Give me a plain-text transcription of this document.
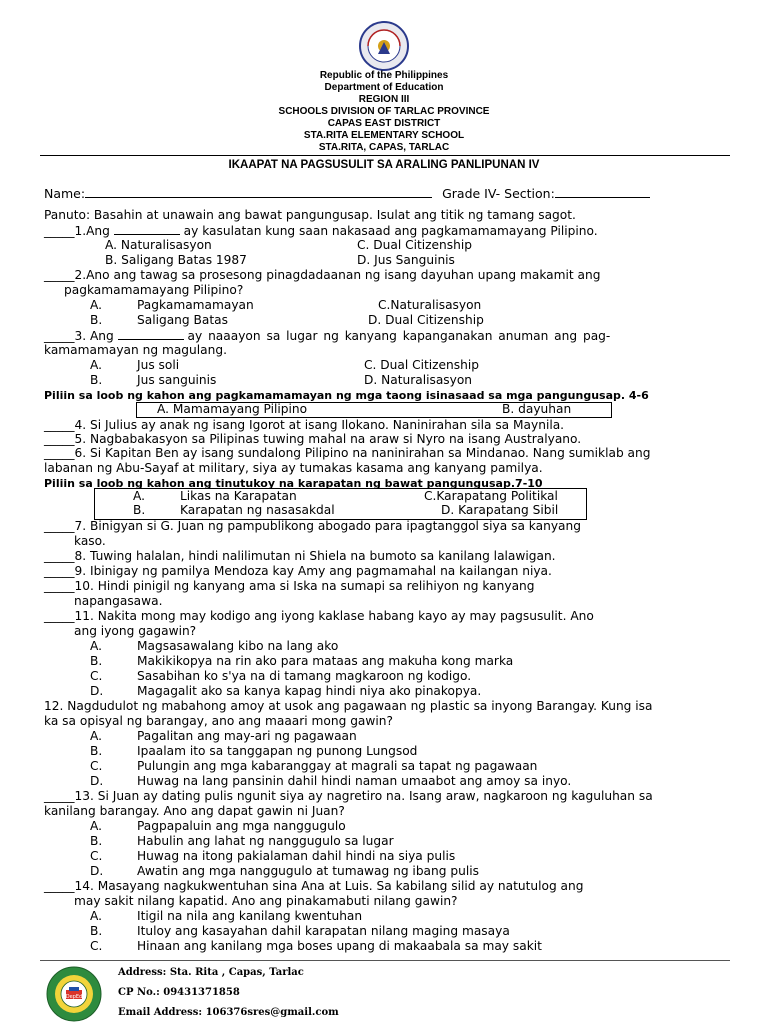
Republic of the Philippines
Department of Education
REGION III
SCHOOLS DIVISION OF TARLAC PROVINCE
CAPAS EAST DISTRICT
STA.RITA ELEMENTARY SCHOOL
STA.RITA, CAPAS, TARLAC
IKAAPAT NA PAGSUSULIT SA ARALING PANLIPUNAN IV
Name:	Grade IV- Section:
Panuto: Basahin at unawain ang bawat pangungusap. Isulat ang titik ng tamang sagot.
_____1.Ang	ay kasulatan kung saan nakasaad ang pagkamamamayang Pilipino.
A. Naturalisasyon	C. Dual Citizenship
B. Saligang Batas 1987	D. Jus Sanguinis
_____2.Ano ang tawag sa prosesong pinagdadaanan ng isang dayuhan upang makamit ang
pagkamamamayang Pilipino?
A.	Pagkamamamayan	C.Naturalisasyon
B.	Saligang Batas	D. Dual Citizenship
_____3. Ang	ay naaayon sa lugar ng kanyang kapanganakan anuman ang pag-
kamamamayan ng magulang.
A.	Jus soli	C. Dual Citizenship
B.	Jus sanguinis	D. Naturalisasyon
Piliin sa loob ng kahon ang pagkamamamayan ng mga taong isinasaad sa mga pangungusap. 4-6
A. Mamamayang Pilipino	B. dayuhan
_____4. Si Julius ay anak ng isang Igorot at isang Ilokano. Naninirahan sila sa Maynila.
_____5. Nagbabakasyon sa Pilipinas tuwing mahal na araw si Nyro na isang Australyano.
_____6. Si Kapitan Ben ay isang sundalong Pilipino na naninirahan sa Mindanao. Nang sumiklab ang
labanan ng Abu-Sayaf at military, siya ay tumakas kasama ang kanyang pamilya.
Piliin sa loob ng kahon ang tinutukoy na karapatan ng bawat pangungusap.7-10
A.	Likas na Karapatan	C.Karapatang Politikal
B.	Karapatan ng nasasakdal	D. Karapatang Sibil
_____7. Binigyan si G. Juan ng pampublikong abogado para ipagtanggol siya sa kanyang
kaso.
_____8. Tuwing halalan, hindi nalilimutan ni Shiela na bumoto sa kanilang lalawigan.
_____9. Ibinigay ng pamilya Mendoza kay Amy ang pagmamahal na kailangan niya.
_____10. Hindi pinigil ng kanyang ama si Iska na sumapi sa relihiyon ng kanyang
napangasawa.
_____11. Nakita mong may kodigo ang iyong kaklase habang kayo ay may pagsusulit. Ano
ang iyong gagawin?
A.	Magsasawalang kibo na lang ako
B.	Makikikopya na rin ako para mataas ang makuha kong marka
C.	Sasabihan ko s'ya na di tamang magkaroon ng kodigo.
D.	Magagalit ako sa kanya kapag hindi niya ako pinakopya.
12. Nagdudulot ng mabahong amoy at usok ang pagawaan ng plastic sa inyong Barangay. Kung isa
ka sa opisyal ng barangay, ano ang maaari mong gawin?
A.	Pagalitan ang may-ari ng pagawaan
B.	Ipaalam ito sa tanggapan ng punong Lungsod
C.	Pulungin ang mga kabaranggay at magrali sa tapat ng pagawaan
D.	Huwag na lang pansinin dahil hindi naman umaabot ang amoy sa inyo.
_____13. Si Juan ay dating pulis ngunit siya ay nagretiro na. Isang araw, nagkaroon ng kaguluhan sa
kanilang barangay. Ano ang dapat gawin ni Juan?
A.	Pagpapaluin ang mga nanggugulo
B.	Habulin ang lahat ng nanggugulo sa lugar
C.	Huwag na itong pakialaman dahil hindi na siya pulis
D.	Awatin ang mga nanggugulo at tumawag ng ibang pulis
_____14. Masayang nagkukwentuhan sina Ana at Luis. Sa kabilang silid ay natutulog ang
may sakit nilang kapatid. Ano ang pinakamabuti nilang gawin?
A.	Itigil na nila ang kanilang kwentuhan
B.	Ituloy ang kasayahan dahil karapatan nilang maging masaya
C.	Hinaan ang kanilang mga boses upang di makaabala sa may sakit
DepEd
Address: Sta. Rita , Capas, Tarlac
CP No.: 09431371858
Email Address: 106376sres@gmail.com
